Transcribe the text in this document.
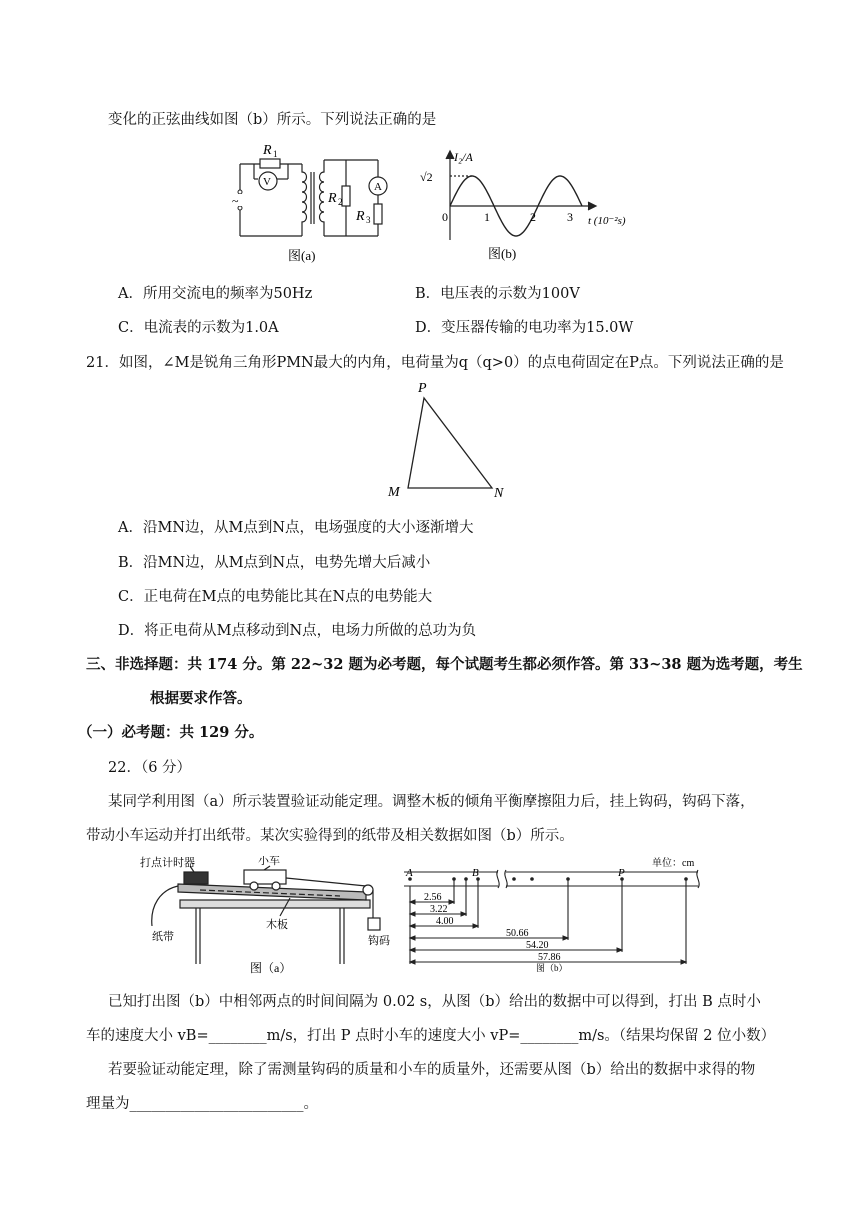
变化的正弦曲线如图（b）所示。下列说法正确的是
~
R 1
V
R 2
A
R 3
图(a)
I₂/A
√2
0	1	2	3 t (10⁻²s)
图(b)
A．所用交流电的频率为50Hz	B．电压表的示数为100V
C．电流表的示数为1.0A	D．变压器传输的电功率为15.0W
21．如图，∠M是锐角三角形PMN最大的内角，电荷量为q（q>0）的点电荷固定在P点。下列说法正确的是
P
M	N
A．沿MN边，从M点到N点，电场强度的大小逐渐增大
B．沿MN边，从M点到N点，电势先增大后减小
C．正电荷在M点的电势能比其在N点的电势能大
D．将正电荷从M点移动到N点，电场力所做的总功为负
三、非选择题：共 174 分。第 22~32 题为必考题，每个试题考生都必须作答。第 33~38 题为选考题，考生
根据要求作答。
（一）必考题：共 129 分。
22．（6 分）
某同学利用图（a）所示装置验证动能定理。调整木板的倾角平衡摩擦阻力后，挂上钩码，钩码下落，
带动小车运动并打出纸带。某次实验得到的纸带及相关数据如图（b）所示。
打点计时器	小车
纸带
木板
钩码
图（a）
单位：cm
A	B	P
2.56
3.22
4.00
50.66
54.20
57.86
图（b）
已知打出图（b）中相邻两点的时间间隔为 0.02 s，从图（b）给出的数据中可以得到，打出 B 点时小
车的速度大小 vB=________m/s，打出 P 点时小车的速度大小 vP=________m/s。（结果均保留 2 位小数）
若要验证动能定理，除了需测量钩码的质量和小车的质量外，还需要从图（b）给出的数据中求得的物
理量为________________________。
